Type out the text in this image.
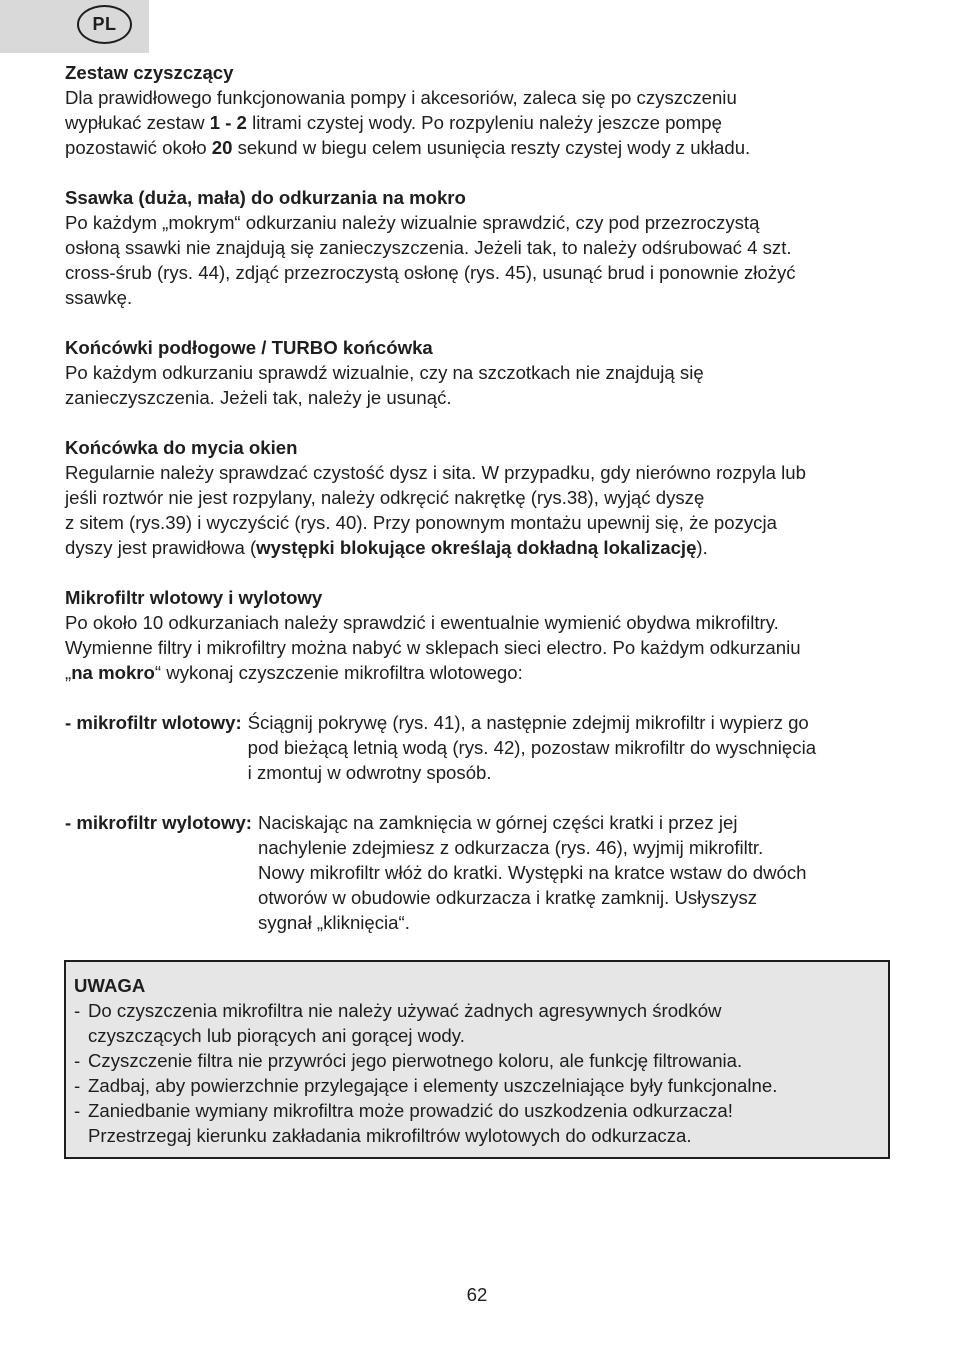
PL
Zestaw czyszczący
Dla prawidłowego funkcjonowania pompy i akcesoriów, zaleca się po czyszczeniu
wypłukać zestaw 1 - 2 litrami czystej wody. Po rozpyleniu należy jeszcze pompę
pozostawić około 20 sekund w biegu celem usunięcia reszty czystej wody z układu.
Ssawka (duża, mała) do odkurzania na mokro
Po każdym „mokrym“ odkurzaniu należy wizualnie sprawdzić, czy pod przezroczystą
osłoną ssawki nie znajdują się zanieczyszczenia. Jeżeli tak, to należy odśrubować 4 szt.
cross-śrub (rys. 44), zdjąć przezroczystą osłonę (rys. 45), usunąć brud i ponownie złożyć
ssawkę.
Końcówki podłogowe / TURBO końcówka
Po każdym odkurzaniu sprawdź wizualnie, czy na szczotkach nie znajdują się
zanieczyszczenia. Jeżeli tak, należy je usunąć.
Końcówka do mycia okien
Regularnie należy sprawdzać czystość dysz i sita. W przypadku, gdy nierówno rozpyla lub
jeśli roztwór nie jest rozpylany, należy odkręcić nakrętkę (rys.38), wyjąć dyszę
z sitem (rys.39) i wyczyścić (rys. 40). Przy ponownym montażu upewnij się, że pozycja
dyszy jest prawidłowa (występki blokujące określają dokładną lokalizację).
Mikrofiltr wlotowy i wylotowy
Po około 10 odkurzaniach należy sprawdzić i ewentualnie wymienić obydwa mikrofiltry.
Wymienne filtry i mikrofiltry można nabyć w sklepach sieci electro. Po każdym odkurzaniu
„na mokro“ wykonaj czyszczenie mikrofiltra wlotowego:
- mikrofiltr wlotowy: Ściągnij pokrywę (rys. 41), a następnie zdejmij mikrofiltr i wypierz go
pod bieżącą letnią wodą (rys. 42), pozostaw mikrofiltr do wyschnięcia
i zmontuj w odwrotny sposób.
- mikrofiltr wylotowy: Naciskając na zamknięcia w górnej części kratki i przez jej
nachylenie zdejmiesz z odkurzacza (rys. 46), wyjmij mikrofiltr.
Nowy mikrofiltr włóż do kratki. Występki na kratce wstaw do dwóch
otworów w obudowie odkurzacza i kratkę zamknij. Usłyszysz
sygnał „kliknięcia“.
UWAGA
- Do czyszczenia mikrofiltra nie należy używać żadnych agresywnych środków
czyszczących lub piorących ani gorącej wody.
- Czyszczenie filtra nie przywróci jego pierwotnego koloru, ale funkcję filtrowania.
- Zadbaj, aby powierzchnie przylegające i elementy uszczelniające były funkcjonalne.
- Zaniedbanie wymiany mikrofiltra może prowadzić do uszkodzenia odkurzacza!
Przestrzegaj kierunku zakładania mikrofiltrów wylotowych do odkurzacza.
62
